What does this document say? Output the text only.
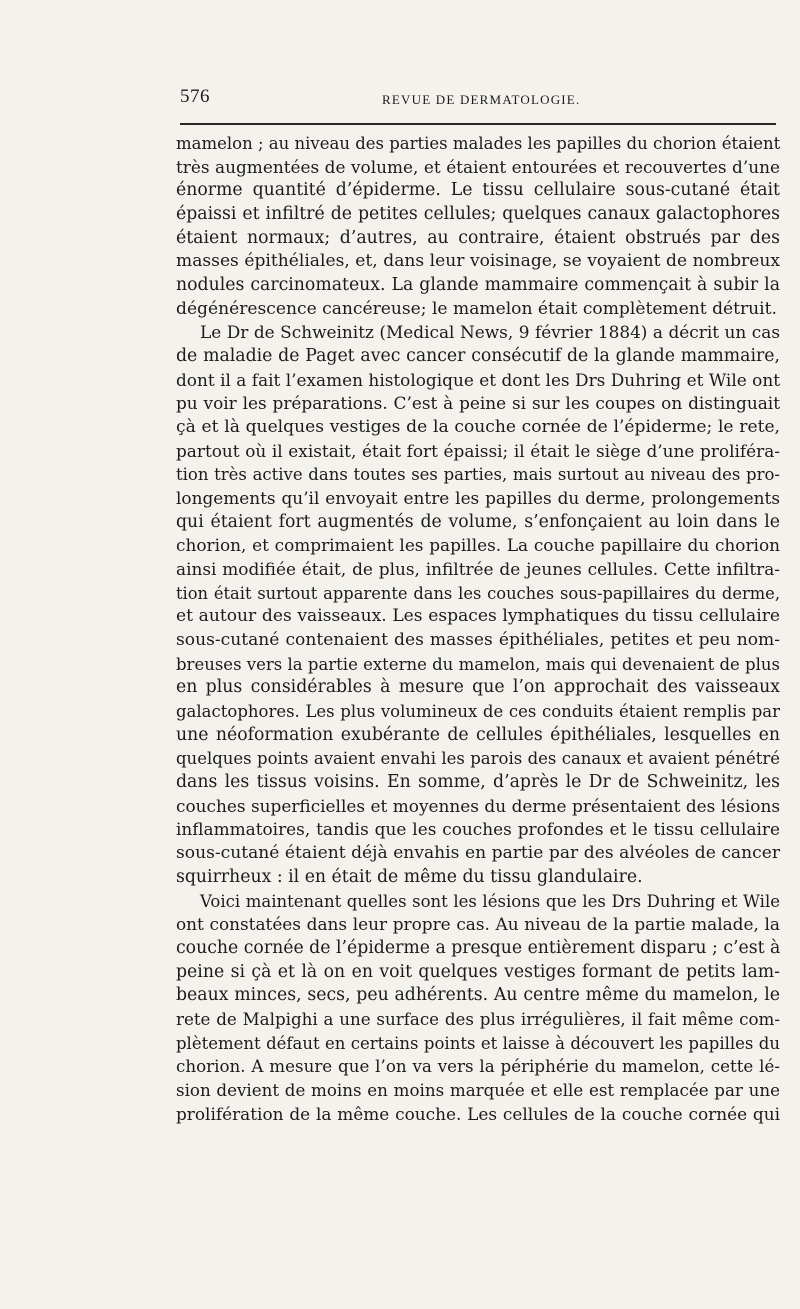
576	REVUE DE DERMATOLOGIE.
mamelon ; au niveau des parties malades les papilles du chorion étaient
très augmentées de volume, et étaient entourées et recouvertes d’une
énorme quantité d’épiderme. Le tissu cellulaire sous-cutané était
épaissi et infiltré de petites cellules; quelques canaux galactophores
étaient normaux; d’autres, au contraire, étaient obstrués par des
masses épithéliales, et, dans leur voisinage, se voyaient de nombreux
nodules carcinomateux. La glande mammaire commençait à subir la
dégénérescence cancéreuse; le mamelon était complètement détruit.
Le Dr de Schweinitz (Medical News, 9 février 1884) a décrit un cas
de maladie de Paget avec cancer consécutif de la glande mammaire,
dont il a fait l’examen histologique et dont les Drs Duhring et Wile ont
pu voir les préparations. C’est à peine si sur les coupes on distinguait
çà et là quelques vestiges de la couche cornée de l’épiderme; le rete,
partout où il existait, était fort épaissi; il était le siège d’une proliféra-
tion très active dans toutes ses parties, mais surtout au niveau des pro-
longements qu’il envoyait entre les papilles du derme, prolongements
qui étaient fort augmentés de volume, s’enfonçaient au loin dans le
chorion, et comprimaient les papilles. La couche papillaire du chorion
ainsi modifiée était, de plus, infiltrée de jeunes cellules. Cette infiltra-
tion était surtout apparente dans les couches sous-papillaires du derme,
et autour des vaisseaux. Les espaces lymphatiques du tissu cellulaire
sous-cutané contenaient des masses épithéliales, petites et peu nom-
breuses vers la partie externe du mamelon, mais qui devenaient de plus
en plus considérables à mesure que l’on approchait des vaisseaux
galactophores. Les plus volumineux de ces conduits étaient remplis par
une néoformation exubérante de cellules épithéliales, lesquelles en
quelques points avaient envahi les parois des canaux et avaient pénétré
dans les tissus voisins. En somme, d’après le Dr de Schweinitz, les
couches superficielles et moyennes du derme présentaient des lésions
inflammatoires, tandis que les couches profondes et le tissu cellulaire
sous-cutané étaient déjà envahis en partie par des alvéoles de cancer
squirrheux : il en était de même du tissu glandulaire.
Voici maintenant quelles sont les lésions que les Drs Duhring et Wile
ont constatées dans leur propre cas. Au niveau de la partie malade, la
couche cornée de l’épiderme a presque entièrement disparu ; c’est à
peine si çà et là on en voit quelques vestiges formant de petits lam-
beaux minces, secs, peu adhérents. Au centre même du mamelon, le
rete de Malpighi a une surface des plus irrégulières, il fait même com-
plètement défaut en certains points et laisse à découvert les papilles du
chorion. A mesure que l’on va vers la périphérie du mamelon, cette lé-
sion devient de moins en moins marquée et elle est remplacée par une
prolifération de la même couche. Les cellules de la couche cornée qui
